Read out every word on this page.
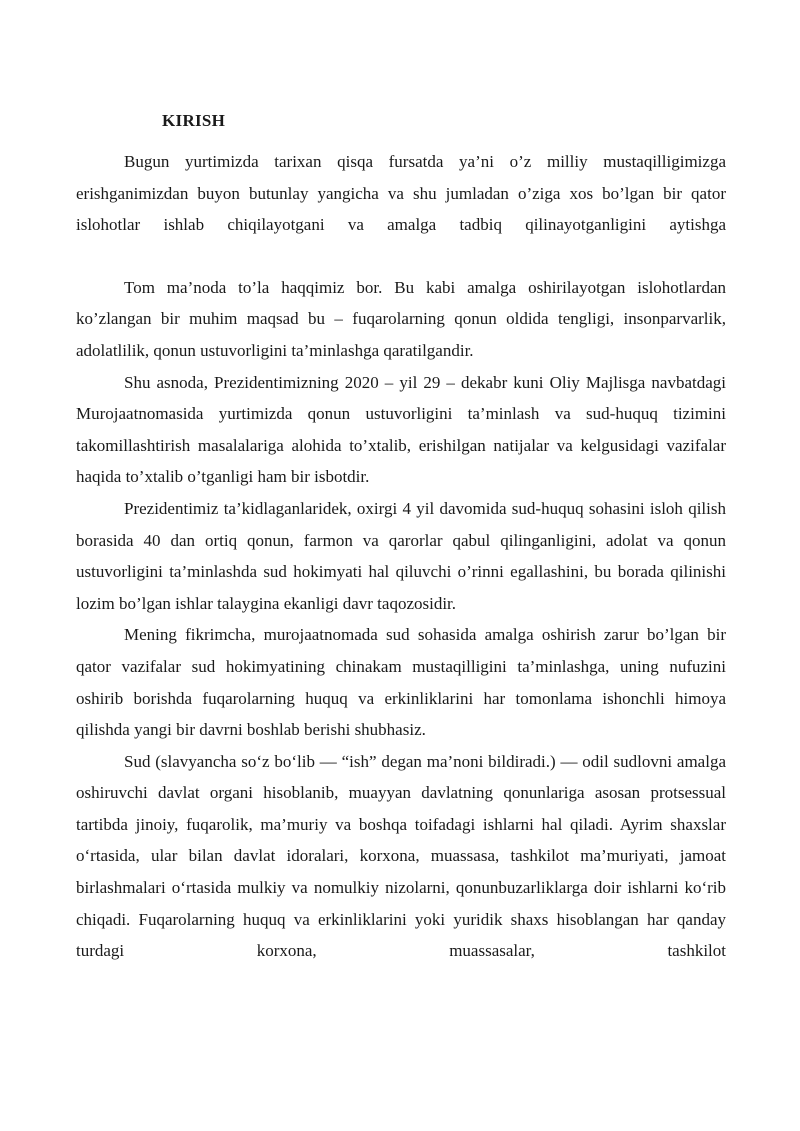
KIRISH

Bugun yurtimizda tarixan qisqa fursatda ya’ni o’z milliy mustaqilligimizga erishganimizdan buyon butunlay yangicha va shu jumladan o’ziga xos bo’lgan bir qator islohotlar ishlab chiqilayotgani va amalga tadbiq qilinayotganligini aytishga

Tom ma’noda to’la haqqimiz bor. Bu kabi amalga oshirilayotgan islohotlardan ko’zlangan bir muhim maqsad bu – fuqarolarning qonun oldida tengligi, insonparvarlik, adolatlilik, qonun ustuvorligini ta’minlashga qaratilgandir.

Shu asnoda, Prezidentimizning 2020 – yil 29 – dekabr kuni Oliy Majlisga navbatdagi Murojaatnomasida yurtimizda qonun ustuvorligini ta’minlash va sud-huquq tizimini takomillashtirish masalalariga alohida to’xtalib, erishilgan natijalar va kelgusidagi vazifalar haqida to’xtalib o’tganligi ham bir isbotdir.

Prezidentimiz ta’kidlaganlaridek, oxirgi 4 yil davomida sud-huquq sohasini isloh qilish borasida 40 dan ortiq qonun, farmon va qarorlar qabul qilinganligini, adolat va qonun ustuvorligini ta’minlashda sud hokimyati hal qiluvchi o’rinni egallashini, bu borada qilinishi lozim bo’lgan ishlar talaygina ekanligi davr taqozosidir.

Mening fikrimcha, murojaatnomada sud sohasida amalga oshirish zarur bo’lgan bir qator vazifalar sud hokimyatining chinakam mustaqilligini ta’minlashga, uning nufuzini oshirib borishda fuqarolarning huquq va erkinliklarini har tomonlama ishonchli himoya qilishda yangi bir davrni boshlab berishi shubhasiz.

Sud (slavyancha so‘z bo‘lib — “ish” degan ma’noni bildiradi.) — odil sudlovni amalga oshiruvchi davlat organi hisoblanib, muayyan davlatning qonunlariga asosan protsessual tartibda jinoiy, fuqarolik, ma’muriy va boshqa toifadagi ishlarni hal qiladi. Ayrim shaxslar o‘rtasida, ular bilan davlat idoralari, korxona, muassasa, tashkilot ma’muriyati, jamoat birlashmalari o‘rtasida mulkiy va nomulkiy nizolarni, qonunbuzarliklarga doir ishlarni ko‘rib chiqadi. Fuqarolarning huquq va erkinliklarini yoki yuridik shaxs hisoblangan har qanday turdagi korxona, muassasalar, tashkilot
